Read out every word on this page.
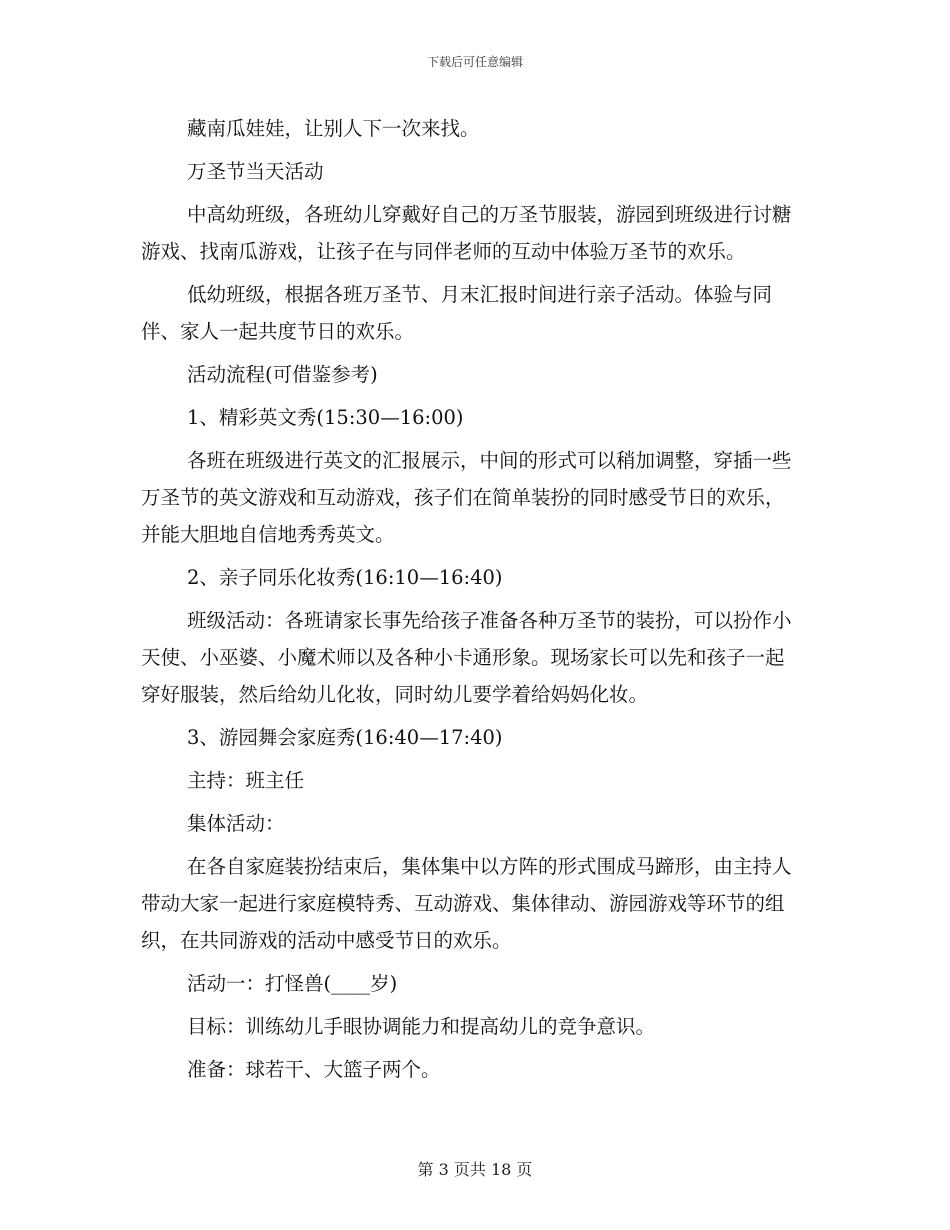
下载后可任意编辑

藏南瓜娃娃，让别人下一次来找。

万圣节当天活动

中高幼班级，各班幼儿穿戴好自己的万圣节服装，游园到班级进行讨糖游戏、找南瓜游戏，让孩子在与同伴老师的互动中体验万圣节的欢乐。

低幼班级，根据各班万圣节、月末汇报时间进行亲子活动。体验与同伴、家人一起共度节日的欢乐。

活动流程(可借鉴参考)

1、精彩英文秀(15:30—16:00)

各班在班级进行英文的汇报展示，中间的形式可以稍加调整，穿插一些万圣节的英文游戏和互动游戏，孩子们在简单装扮的同时感受节日的欢乐，并能大胆地自信地秀秀英文。

2、亲子同乐化妆秀(16:10—16:40)

班级活动：各班请家长事先给孩子准备各种万圣节的装扮，可以扮作小天使、小巫婆、小魔术师以及各种小卡通形象。现场家长可以先和孩子一起穿好服装，然后给幼儿化妆，同时幼儿要学着给妈妈化妆。

3、游园舞会家庭秀(16:40—17:40)

主持：班主任

集体活动：

在各自家庭装扮结束后，集体集中以方阵的形式围成马蹄形，由主持人带动大家一起进行家庭模特秀、互动游戏、集体律动、游园游戏等环节的组织，在共同游戏的活动中感受节日的欢乐。

活动一：打怪兽(____岁)

目标：训练幼儿手眼协调能力和提高幼儿的竞争意识。

准备：球若干、大篮子两个。

第 3 页共 18 页
